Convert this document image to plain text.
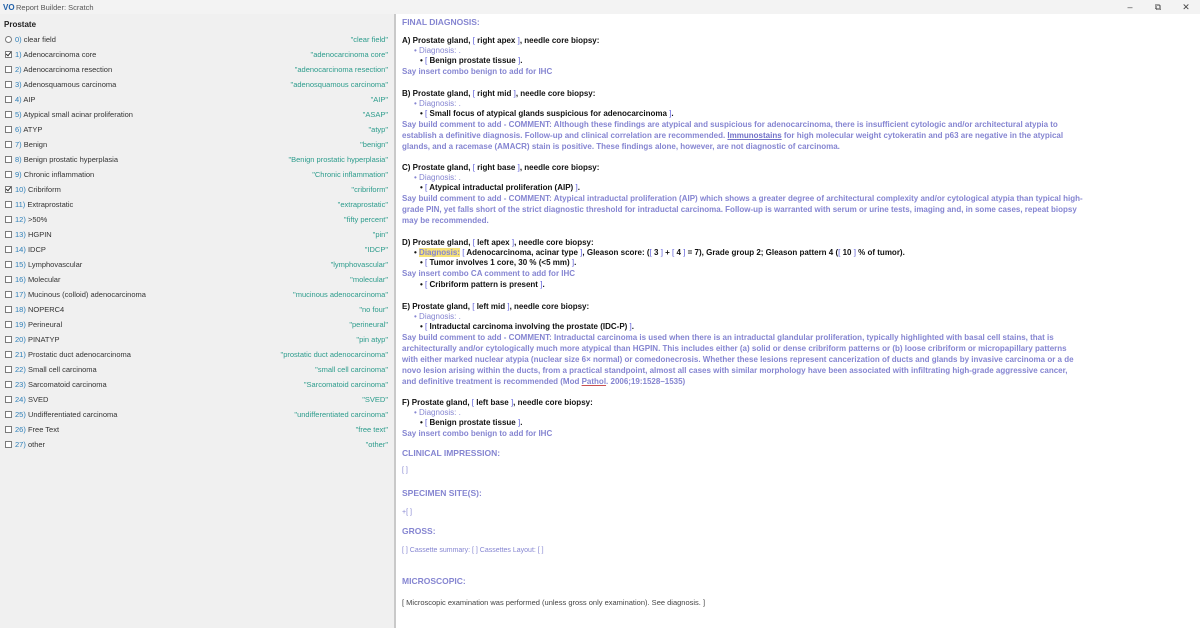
VO Report Builder: Scratch	– ⧉ ✕
Prostate
0) clear field	"clear field"
1) Adenocarcinoma core	"adenocarcinoma core"
2) Adenocarcinoma resection	"adenocarcinoma resection"
3) Adenosquamous carcinoma	"adenosquamous carcinoma"
4) AIP	"AIP"
5) Atypical small acinar proliferation	"ASAP"
6) ATYP	"atyp"
7) Benign	"benign"
8) Benign prostatic hyperplasia	"Benign prostatic hyperplasia"
9) Chronic inflammation	"Chronic inflammation"
10) Cribriform	"cribriform"
11) Extraprostatic	"extraprostatic"
12) >50%	"fifty percent"
13) HGPIN	"pin"
14) IDCP	"IDCP"
15) Lymphovascular	"lymphovascular"
16) Molecular	"molecular"
17) Mucinous (colloid) adenocarcinoma	"mucinous adenocarcinoma"
18) NOPERC4	"no four"
19) Perineural	"perineural"
20) PINATYP	"pin atyp"
21) Prostatic duct adenocarcinoma	"prostatic duct adenocarcinoma"
22) Small cell carcinoma	"small cell carcinoma"
23) Sarcomatoid carcinoma	"Sarcomatoid carcinoma"
24) SVED	"SVED"
25) Undifferentiated carcinoma	"undifferentiated carcinoma"
26) Free Text	"free text"
27) other	"other"
FINAL DIAGNOSIS:
A) Prostate gland, [ right apex ], needle core biopsy:
• Diagnosis: .
• [ Benign prostate tissue ].
Say insert combo benign to add for IHC
B) Prostate gland, [ right mid ], needle core biopsy:
• Diagnosis: .
• [ Small focus of atypical glands suspicious for adenocarcinoma ].
Say build comment to add - COMMENT: Although these findings are atypical and suspicious for adenocarcinoma, there is insufficient cytologic and/or architectural atypia to
establish a definitive diagnosis. Follow-up and clinical correlation are recommended. Immunostains for high molecular weight cytokeratin and p63 are negative in the atypical
glands, and a racemase (AMACR) stain is positive. These findings alone, however, are not diagnostic of carcinoma.
C) Prostate gland, [ right base ], needle core biopsy:
• Diagnosis: .
• [ Atypical intraductal proliferation (AIP) ].
Say build comment to add - COMMENT: Atypical intraductal proliferation (AIP) which shows a greater degree of architectural complexity and/or cytological atypia than typical high-
grade PIN, yet falls short of the strict diagnostic threshold for intraductal carcinoma. Follow-up is warranted with serum or urine tests, imaging and, in some cases, repeat biopsy
may be recommended.
D) Prostate gland, [ left apex ], needle core biopsy:
• Diagnosis: [ Adenocarcinoma, acinar type ], Gleason score: ([ 3 ] + [ 4 ] = 7), Grade group 2; Gleason pattern 4 ([ 10 ] % of tumor).
• [ Tumor involves 1 core, 30 % (<5 mm) ].
Say insert combo CA comment to add for IHC
• [ Cribriform pattern is present ].
E) Prostate gland, [ left mid ], needle core biopsy:
• Diagnosis: .
• [ Intraductal carcinoma involving the prostate (IDC-P) ].
Say build comment to add - COMMENT: Intraductal carcinoma is used when there is an intraductal glandular proliferation, typically highlighted with basal cell stains, that is
architecturally and/or cytologically much more atypical than HGPIN. This includes either (a) solid or dense cribriform patterns or (b) loose cribriform or micropapillary patterns
with either marked nuclear atypia (nuclear size 6× normal) or comedonecrosis. Whether these lesions represent cancerization of ducts and glands by invasive carcinoma or a de
novo lesion arising within the ducts, from a practical standpoint, almost all cases with similar morphology have been associated with infiltrating high-grade aggressive cancer,
and definitive treatment is recommended (Mod Pathol. 2006;19:1528–1535)
F) Prostate gland, [ left base ], needle core biopsy:
• Diagnosis: .
• [ Benign prostate tissue ].
Say insert combo benign to add for IHC
CLINICAL IMPRESSION:
[ ]
SPECIMEN SITE(S):
+[ ]
GROSS:
[ ] Cassette summary: [ ] Cassettes Layout: [ ]
MICROSCOPIC:
[ Microscopic examination was performed (unless gross only examination). See diagnosis. ]
